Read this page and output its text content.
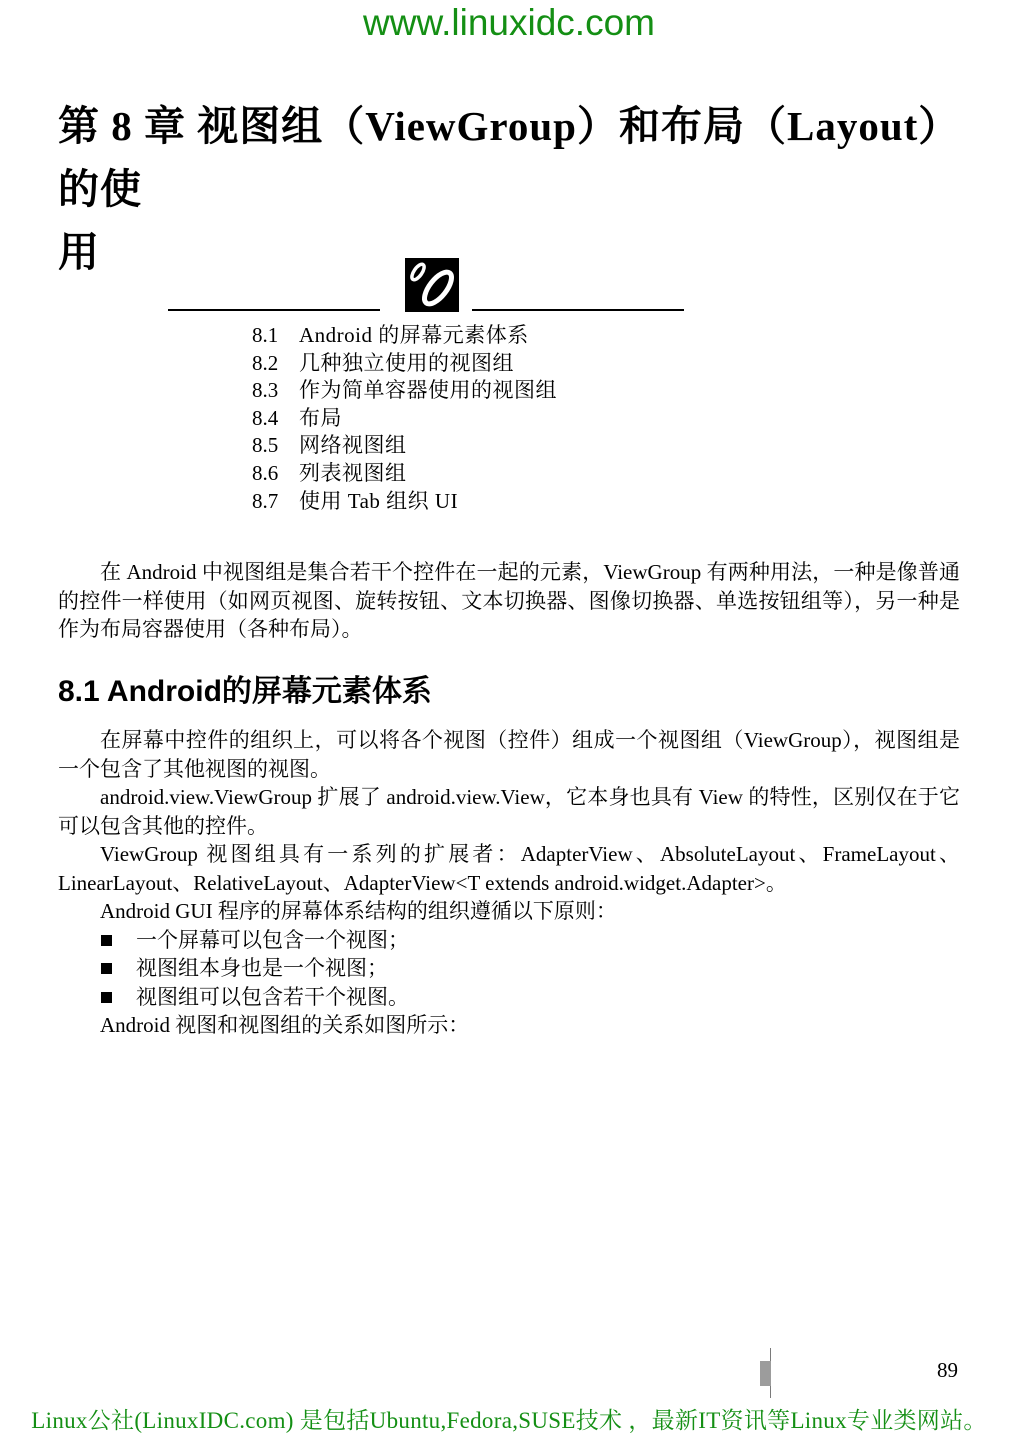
www.linuxidc.com
第 8 章 视图组（ViewGroup）和布局（Layout）的使
用
8.1 Android 的屏幕元素体系
8.2 几种独立使用的视图组
8.3 作为简单容器使用的视图组
8.4 布局
8.5 网络视图组
8.6 列表视图组
8.7 使用 Tab 组织 UI

在 Android 中视图组是集合若干个控件在一起的元素，ViewGroup 有两种用法，一种是像普通的控件一样使用（如网页视图、旋转按钮、文本切换器、图像切换器、单选按钮组等），另一种是作为布局容器使用（各种布局）。

8.1 Android的屏幕元素体系

在屏幕中控件的组织上，可以将各个视图（控件）组成一个视图组（ViewGroup），视图组是一个包含了其他视图的视图。

android.view.ViewGroup 扩展了 android.view.View，它本身也具有 View 的特性，区别仅在于它可以包含其他的控件。

ViewGroup 视图组具有一系列的扩展者：AdapterView、AbsoluteLayout、FrameLayout、LinearLayout、RelativeLayout、AdapterView<T extends android.widget.Adapter>。

Android GUI 程序的屏幕体系结构的组织遵循以下原则：

一个屏幕可以包含一个视图；
视图组本身也是一个视图；
视图组可以包含若干个视图。

Android 视图和视图组的关系如图所示：

89
Linux公社(LinuxIDC.com) 是包括Ubuntu,Fedora,SUSE技术 ，最新IT资讯等Linux专业类网站。
